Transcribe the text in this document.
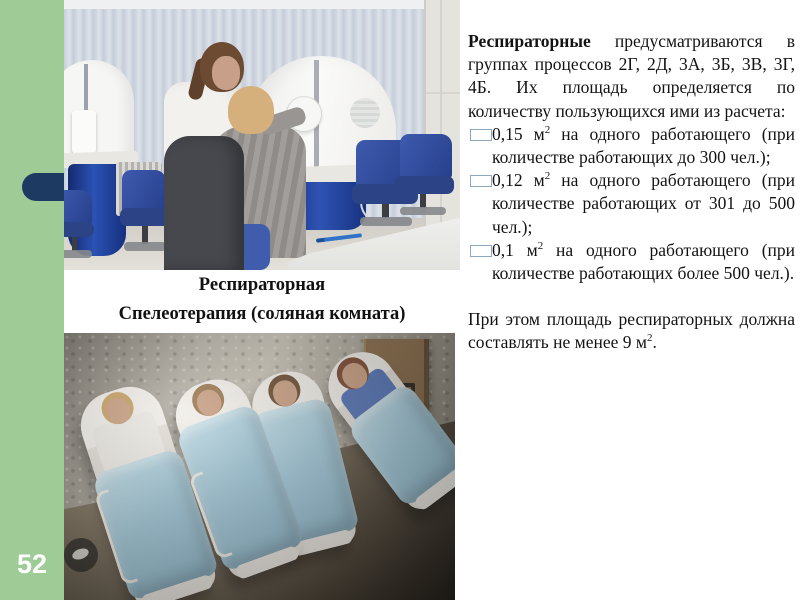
52
Респираторная
Спелеотерапия (соляная комната)

Респираторные предусматриваются в группах процессов 2Г, 2Д, 3А, 3Б, 3В, 3Г, 4Б. Их площадь определяется по количеству пользующихся ими из расчета:

0,15 $м^2$ на одного работающего (при количестве работающих до 300 чел.);

0,12 $м^2$ на одного работающего (при количестве работающих от 301 до 500 чел.);

0,1 $м^2$ на одного работающего (при количестве работающих более 500 чел.).

При этом площадь респираторных должна составлять не менее 9 $м^2$.
